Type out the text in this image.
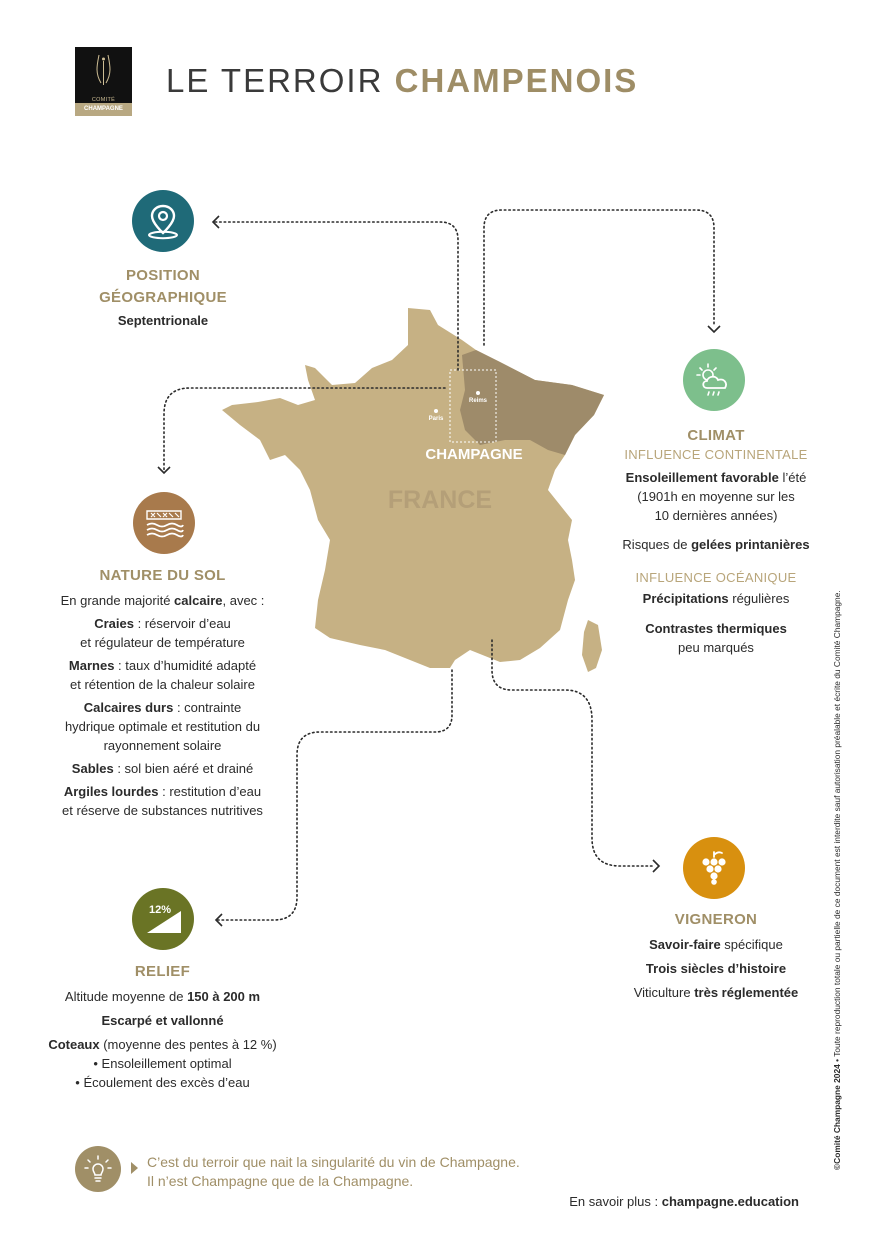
COMITÉ
CHAMPAGNE
LE TERROIR CHAMPENOIS
Paris
Reims
CHAMPAGNE
FRANCE
POSITION
GÉOGRAPHIQUE
Septentrionale
CLIMAT
INFLUENCE CONTINENTALE
Ensoleillement favorable l’été
(1901h en moyenne sur les
10 dernières années)
Risques de gelées printanières
INFLUENCE OCÉANIQUE
Précipitations régulières
Contrastes thermiques
peu marqués
NATURE DU SOL
En grande majorité calcaire, avec :
Craies : réservoir d’eau
et régulateur de température
Marnes : taux d’humidité adapté
et rétention de la chaleur solaire
Calcaires durs : contrainte
hydrique optimale et restitution du
rayonnement solaire
Sables : sol bien aéré et drainé
Argiles lourdes : restitution d’eau
et réserve de substances nutritives
12%
RELIEF
Altitude moyenne de 150 à 200 m
Escarpé et vallonné
Coteaux (moyenne des pentes à 12 %)
• Ensoleillement optimal
• Écoulement des excès d’eau
VIGNERON
Savoir-faire spécifique
Trois siècles d’histoire
Viticulture très réglementée
C’est du terroir que nait la singularité du vin de Champagne.
Il n’est Champagne que de la Champagne.
En savoir plus : champagne.education
©Comité Champagne 2024 • Toute reproduction totale ou partielle de ce document est interdite sauf autorisation préalable et écrite du Comité Champagne.
